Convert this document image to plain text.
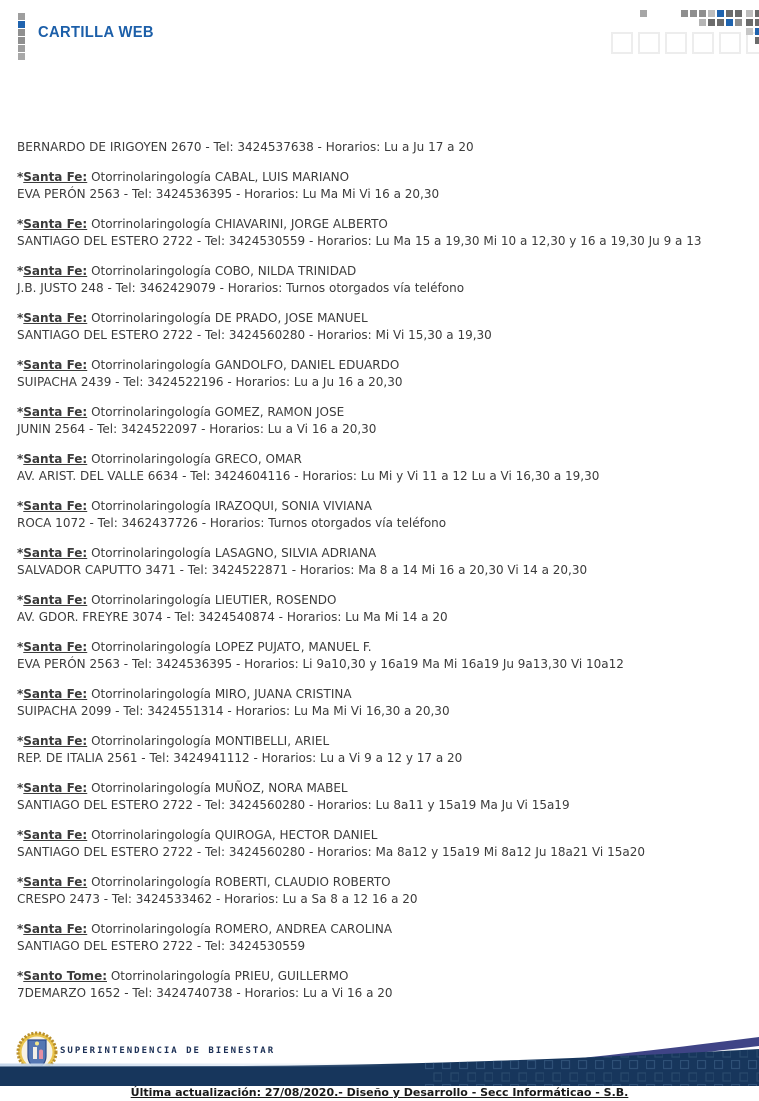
CARTILLA WEB
BERNARDO DE IRIGOYEN 2670 - Tel: 3424537638 - Horarios: Lu a Ju 17 a 20
*Santa Fe: Otorrinolaringología CABAL, LUIS MARIANO
EVA PERÓN 2563 - Tel: 3424536395 - Horarios: Lu Ma Mi Vi 16 a 20,30
*Santa Fe: Otorrinolaringología CHIAVARINI, JORGE ALBERTO
SANTIAGO DEL ESTERO 2722 - Tel: 3424530559 - Horarios: Lu Ma 15 a 19,30 Mi 10 a 12,30 y 16 a 19,30 Ju 9 a 13
*Santa Fe: Otorrinolaringología COBO, NILDA TRINIDAD
J.B. JUSTO 248 - Tel: 3462429079 - Horarios: Turnos otorgados vía teléfono
*Santa Fe: Otorrinolaringología DE PRADO, JOSE MANUEL
SANTIAGO DEL ESTERO 2722 - Tel: 3424560280 - Horarios: Mi Vi 15,30 a 19,30
*Santa Fe: Otorrinolaringología GANDOLFO, DANIEL EDUARDO
SUIPACHA 2439 - Tel: 3424522196 - Horarios: Lu a Ju 16 a 20,30
*Santa Fe: Otorrinolaringología GOMEZ, RAMON JOSE
JUNIN 2564 - Tel: 3424522097 - Horarios: Lu a Vi 16 a 20,30
*Santa Fe: Otorrinolaringología GRECO, OMAR
AV. ARIST. DEL VALLE 6634 - Tel: 3424604116 - Horarios: Lu Mi y Vi 11 a 12 Lu a Vi 16,30 a 19,30
*Santa Fe: Otorrinolaringología IRAZOQUI, SONIA VIVIANA
ROCA 1072 - Tel: 3462437726 - Horarios: Turnos otorgados vía teléfono
*Santa Fe: Otorrinolaringología LASAGNO, SILVIA ADRIANA
SALVADOR CAPUTTO 3471 - Tel: 3424522871 - Horarios: Ma 8 a 14 Mi 16 a 20,30 Vi 14 a 20,30
*Santa Fe: Otorrinolaringología LIEUTIER, ROSENDO
AV. GDOR. FREYRE 3074 - Tel: 3424540874 - Horarios: Lu Ma Mi 14 a 20
*Santa Fe: Otorrinolaringología LOPEZ PUJATO, MANUEL F.
EVA PERÓN 2563 - Tel: 3424536395 - Horarios: Li 9a10,30 y 16a19 Ma Mi 16a19 Ju 9a13,30 Vi 10a12
*Santa Fe: Otorrinolaringología MIRO, JUANA CRISTINA
SUIPACHA 2099 - Tel: 3424551314 - Horarios: Lu Ma Mi Vi 16,30 a 20,30
*Santa Fe: Otorrinolaringología MONTIBELLI, ARIEL
REP. DE ITALIA 2561 - Tel: 3424941112 - Horarios: Lu a Vi 9 a 12 y 17 a 20
*Santa Fe: Otorrinolaringología MUÑOZ, NORA MABEL
SANTIAGO DEL ESTERO 2722 - Tel: 3424560280 - Horarios: Lu 8a11 y 15a19 Ma Ju Vi 15a19
*Santa Fe: Otorrinolaringología QUIROGA, HECTOR DANIEL
SANTIAGO DEL ESTERO 2722 - Tel: 3424560280 - Horarios: Ma 8a12 y 15a19 Mi 8a12 Ju 18a21 Vi 15a20
*Santa Fe: Otorrinolaringología ROBERTI, CLAUDIO ROBERTO
CRESPO 2473 - Tel: 3424533462 - Horarios: Lu a Sa 8 a 12 16 a 20
*Santa Fe: Otorrinolaringología ROMERO, ANDREA CAROLINA
SANTIAGO DEL ESTERO 2722 - Tel: 3424530559
*Santo Tome: Otorrinolaringología PRIEU, GUILLERMO
7DEMARZO 1652 - Tel: 3424740738 - Horarios: Lu a Vi 16 a 20
SUPERINTENDENCIA DE BIENESTAR
Última actualización: 27/08/2020.- Diseño y Desarrollo - Secc Informáticao - S.B.
